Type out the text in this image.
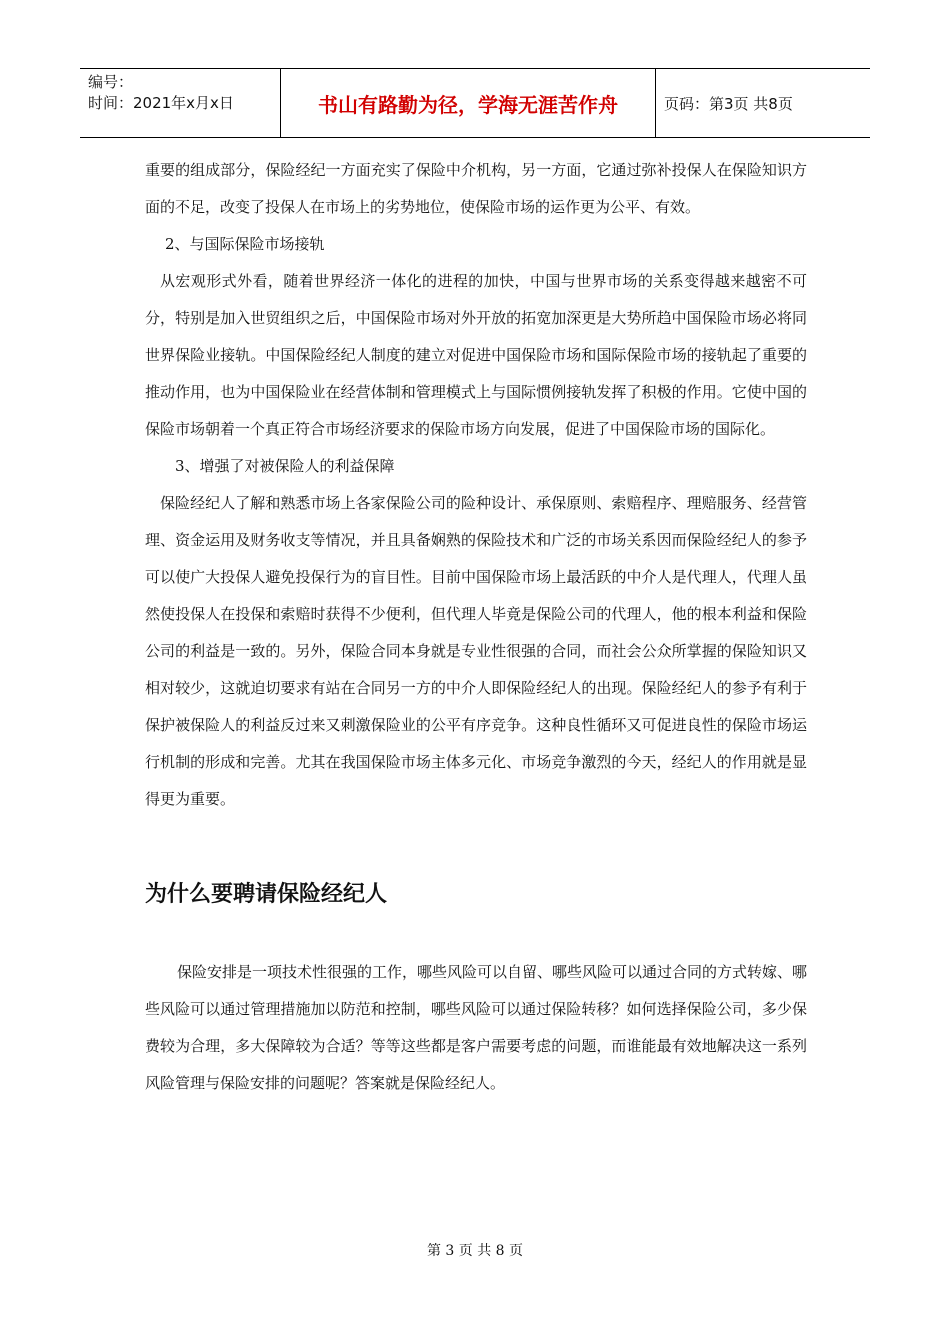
编号：
时间：2021年x月x日	书山有路勤为径，学海无涯苦作舟	页码：第3页 共8页

重要的组成部分，保险经纪一方面充实了保险中介机构，另一方面，它通过弥补投保人在保险知识方面的不足，改变了投保人在市场上的劣势地位，使保险市场的运作更为公平、有效。

2、与国际保险市场接轨

从宏观形式外看，随着世界经济一体化的进程的加快，中国与世界市场的关系变得越来越密不可分，特别是加入世贸组织之后，中国保险市场对外开放的拓宽加深更是大势所趋中国保险市场必将同世界保险业接轨。中国保险经纪人制度的建立对促进中国保险市场和国际保险市场的接轨起了重要的推动作用，也为中国保险业在经营体制和管理模式上与国际惯例接轨发挥了积极的作用。它使中国的保险市场朝着一个真正符合市场经济要求的保险市场方向发展，促进了中国保险市场的国际化。

3、增强了对被保险人的利益保障

保险经纪人了解和熟悉市场上各家保险公司的险种设计、承保原则、索赔程序、理赔服务、经营管理、资金运用及财务收支等情况，并且具备娴熟的保险技术和广泛的市场关系因而保险经纪人的参予可以使广大投保人避免投保行为的盲目性。目前中国保险市场上最活跃的中介人是代理人，代理人虽然使投保人在投保和索赔时获得不少便利，但代理人毕竟是保险公司的代理人，他的根本利益和保险公司的利益是一致的。另外，保险合同本身就是专业性很强的合同，而社会公众所掌握的保险知识又相对较少，这就迫切要求有站在合同另一方的中介人即保险经纪人的出现。保险经纪人的参予有利于保护被保险人的利益反过来又刺激保险业的公平有序竞争。这种良性循环又可促进良性的保险市场运行机制的形成和完善。尤其在我国保险市场主体多元化、市场竞争激烈的今天，经纪人的作用就是显得更为重要。

为什么要聘请保险经纪人

保险安排是一项技术性很强的工作，哪些风险可以自留、哪些风险可以通过合同的方式转嫁、哪些风险可以通过管理措施加以防范和控制，哪些风险可以通过保险转移？如何选择保险公司，多少保费较为合理，多大保障较为合适？等等这些都是客户需要考虑的问题，而谁能最有效地解决这一系列风险管理与保险安排的问题呢？答案就是保险经纪人。

第 3 页 共 8 页
